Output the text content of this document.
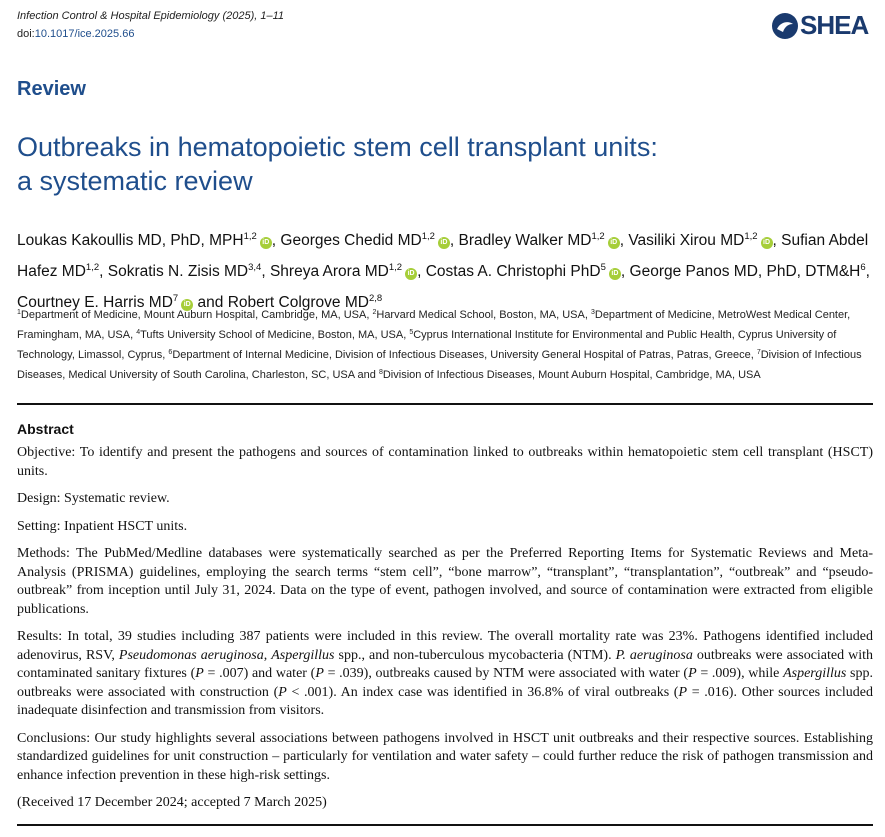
Infection Control & Hospital Epidemiology (2025), 1–11
doi:10.1017/ice.2025.66	SHEA
Review
Outbreaks in hematopoietic stem cell transplant units:
a systematic review
Loukas Kakoullis MD, PhD, MPH$^{1,2}$iD , Georges Chedid MD$^{1,2}$iD , Bradley Walker MD$^{1,2}$iD , Vasiliki Xirou MD$^{1,2}$iD , Sufian Abdel Hafez MD$^{1,2}$, Sokratis N. Zisis MD$^{3,4}$, Shreya Arora MD$^{1,2}$iD , Costas A. Christophi PhD$^5$iD , George Panos MD, PhD, $DTM\&H^6$, Courtney E. Harris $MD^7iD$ and Robert Colgrove MD$^{2,8}$
$^1$Department of Medicine, Mount Auburn Hospital, Cambridge, MA, USA, $^2$Harvard Medical School, Boston, MA, USA, $^3$Department of Medicine, MetroWest Medical Center, Framingham, MA, USA, $^4$Tufts University School of Medicine, Boston, MA, USA, $^5$Cyprus International Institute for Environmental and Public Health, Cyprus University of Technology, Limassol, Cyprus, $^6$Department of Internal Medicine, Division of Infectious Diseases, University General Hospital of Patras, Patras, Greece, $^7$Division of Infectious Diseases, Medical University of South Carolina, Charleston, SC, USA and $^8$Division of Infectious Diseases, Mount Auburn Hospital, Cambridge, MA, USA
Abstract

Objective: To identify and present the pathogens and sources of contamination linked to outbreaks within hematopoietic stem cell transplant (HSCT) units.

Design: Systematic review.

Setting: Inpatient HSCT units.

Methods: The PubMed/Medline databases were systematically searched as per the Preferred Reporting Items for Systematic Reviews and Meta-Analysis (PRISMA) guidelines, employing the search terms “stem cell”, “bone marrow”, “transplant”, “transplantation”, “outbreak” and “pseudo-outbreak” from inception until July 31, 2024. Data on the type of event, pathogen involved, and source of contamination were extracted from eligible publications.

Results: In total, 39 studies including 387 patients were included in this review. The overall mortality rate was 23%. Pathogens identified included adenovirus, RSV, Pseudomonas aeruginosa, Aspergillus spp., and non-tuberculous mycobacteria (NTM). P. aeruginosa outbreaks were associated with contaminated sanitary fixtures (P = .007) and water (P = .039), outbreaks caused by NTM were associated with water (P = .009), while Aspergillus spp. outbreaks were associated with construction (P < .001). An index case was identified in 36.8% of viral outbreaks (P = .016). Other sources included inadequate disinfection and transmission from visitors.

Conclusions: Our study highlights several associations between pathogens involved in HSCT unit outbreaks and their respective sources. Establishing standardized guidelines for unit construction – particularly for ventilation and water safety – could further reduce the risk of pathogen transmission and enhance infection prevention in these high-risk settings.

(Received 17 December 2024; accepted 7 March 2025)
